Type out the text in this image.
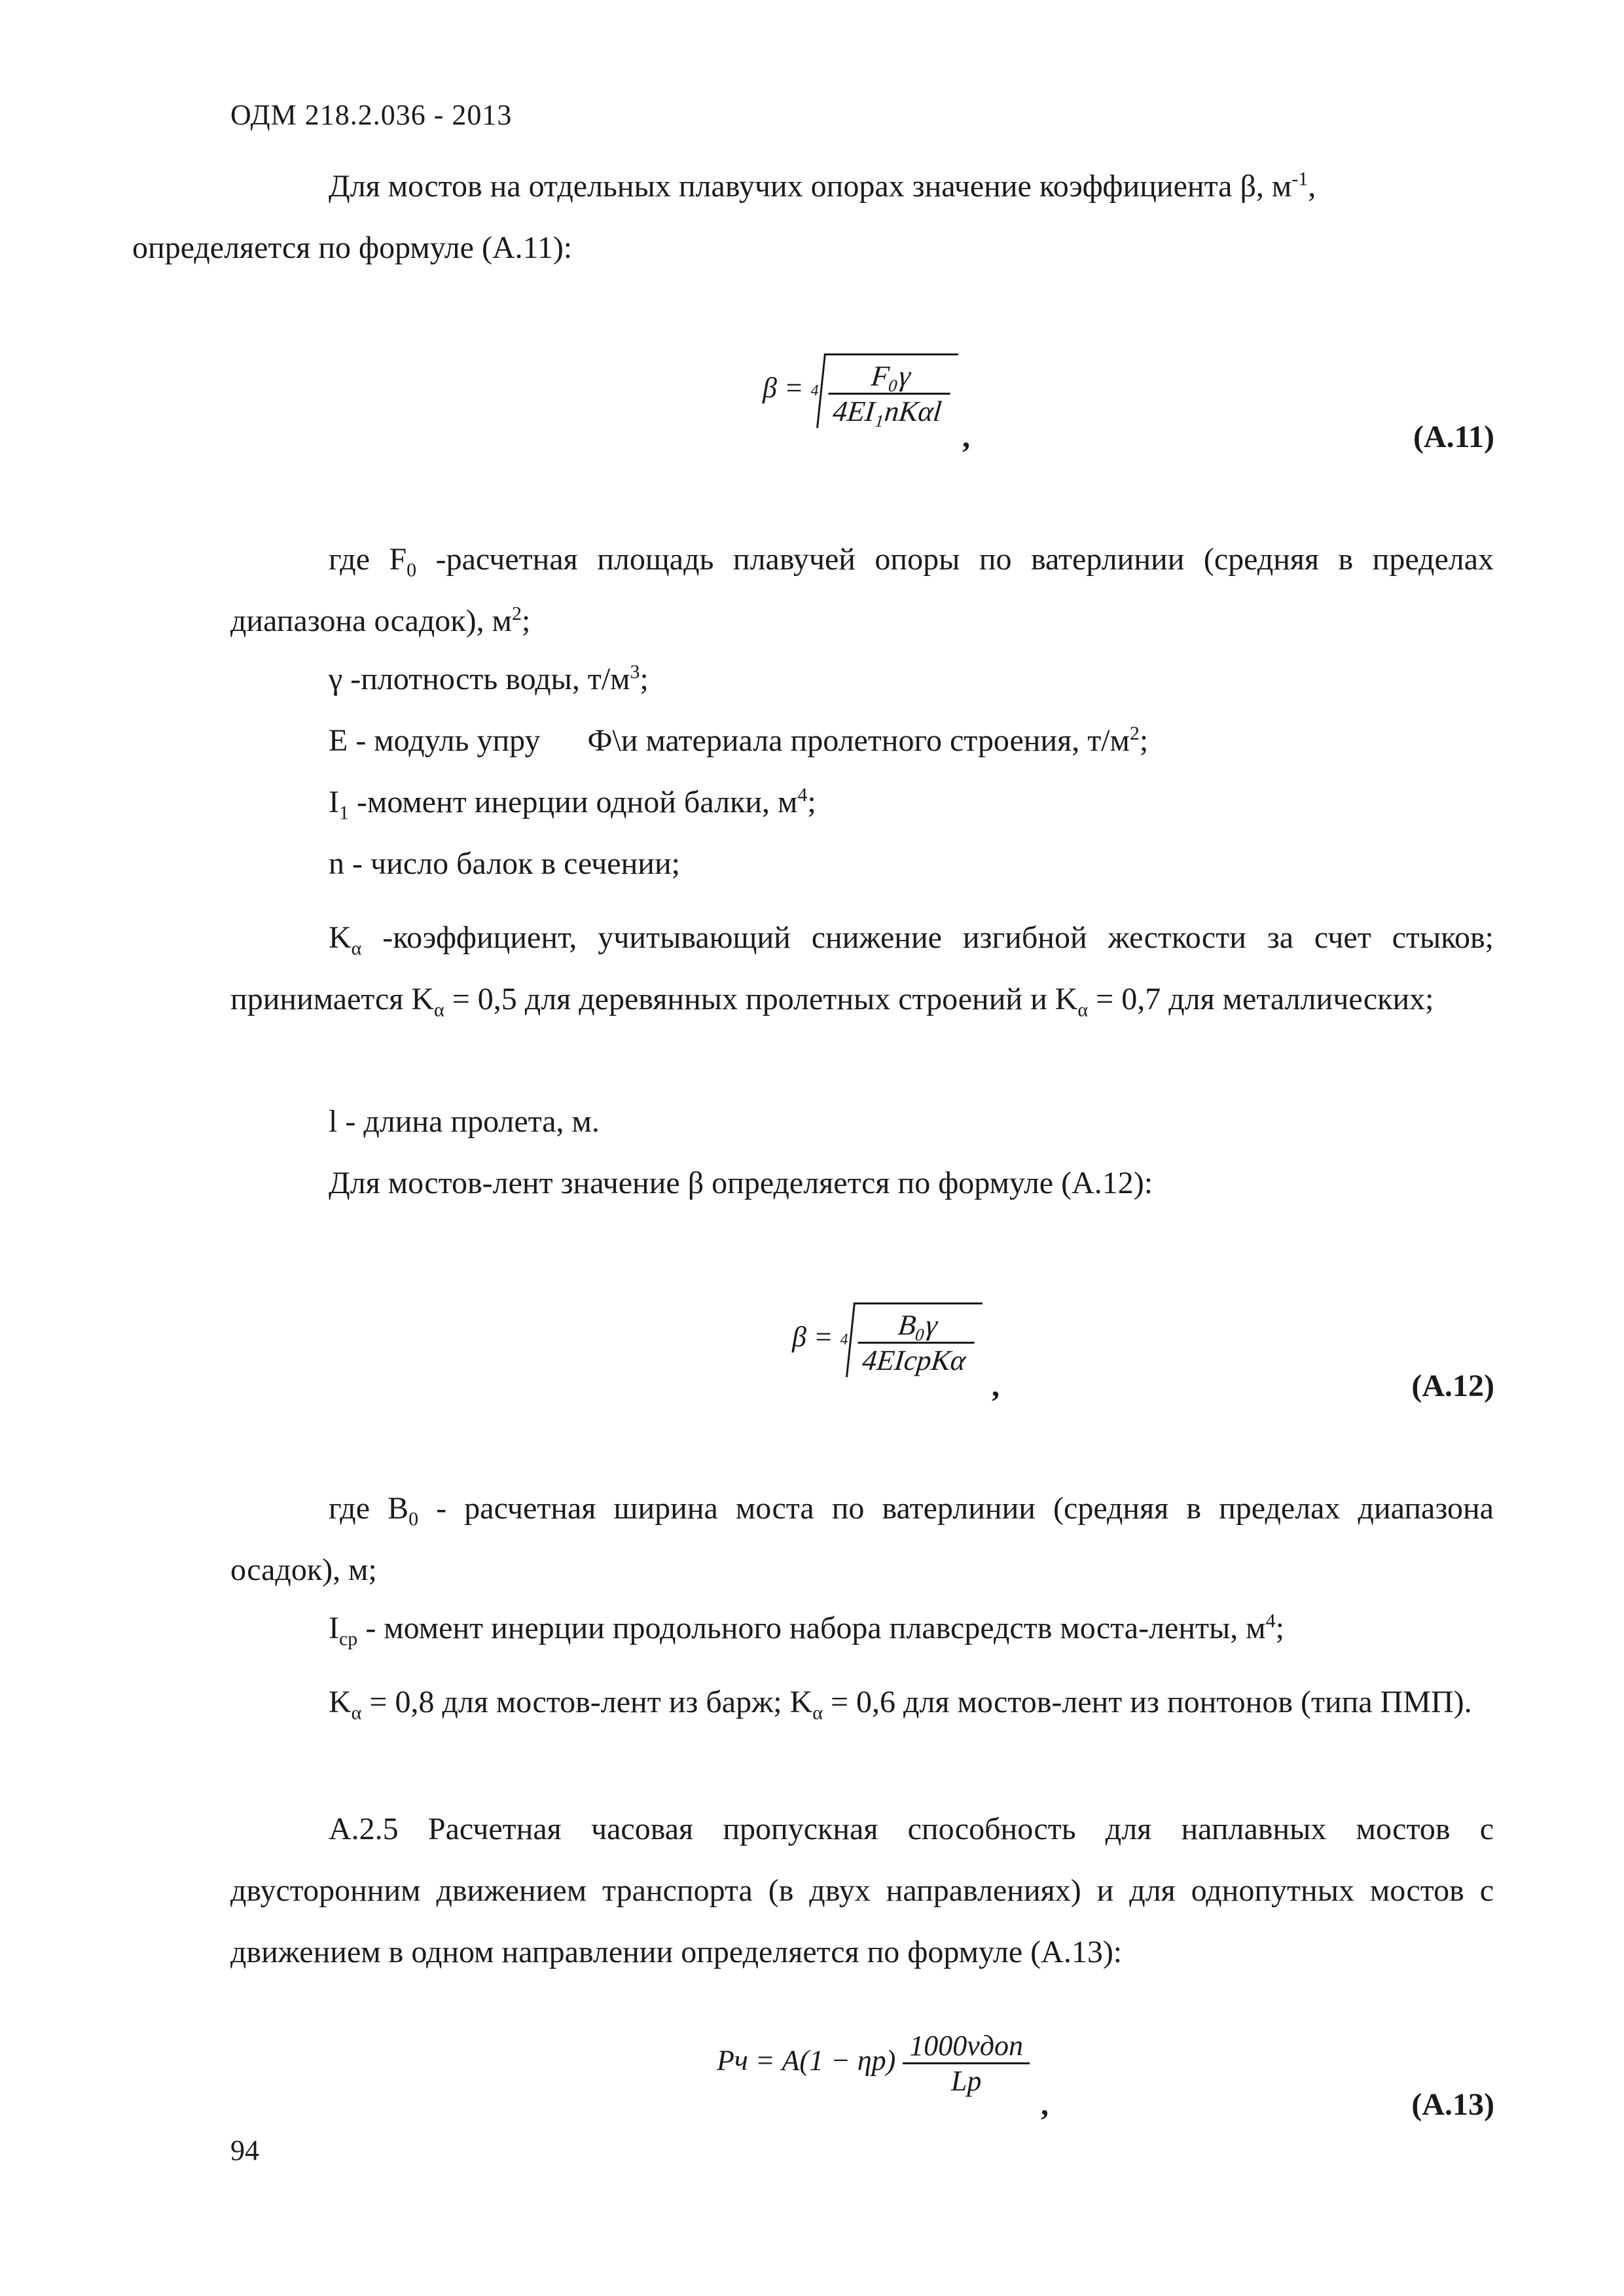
ОДМ 218.2.036 - 2013
Для мостов на отдельных плавучих опорах значение коэффициента β, $м^{-1}$,
определяется по формуле (А.11):
$\beta = 4 \frac{\text{F₀γ}}{\text{4EI₁nKαl}}$
,	(А.11)
где $F_0$ -расчетная площадь плавучей опоры по ватерлинии (средняя в пределах диапазона осадок), $м^2$;
γ -плотность воды, $т/м^3$;
Е - модуль упру      Ф\и материала пролетного строения, $т/м^2$;
$I_1$ -момент инерции одной балки, $м^4$;
n - число балок в сечении;
$K_\alpha$ -коэффициент, учитывающий снижение изгибной жесткости за счет стыков; принимается $K_\alpha = 0,5$ для деревянных пролетных строений и $K_\alpha = 0,7$ для металлических;
l - длина пролета, м.
Для мостов-лент значение β определяется по формуле (А.12):
$\beta = 4 \frac{\text{B₀γ}}{\text{4EIсрKα}}$
,	(А.12)
где $B_0$ - расчетная ширина моста по ватерлинии (средняя в пределах диапазона осадок), м;
$I_{ср}$ - момент инерции продольного набора плавсредств моста-ленты, $м^4$;
$K_\alpha = 0,8$ для мостов-лент из барж; $K_\alpha = 0,6$ для мостов-лент из понтонов (типа ПМП).
А.2.5 Расчетная часовая пропускная способность для наплавных мостов с двусторонним движением транспорта (в двух направлениях) и для однопутных мостов с движением в одном направлении определяется по формуле (А.13):
Pч = $A(1 - \eta p) \frac{\text{1000vдоп}}{Lp}$
,	(А.13)
94
